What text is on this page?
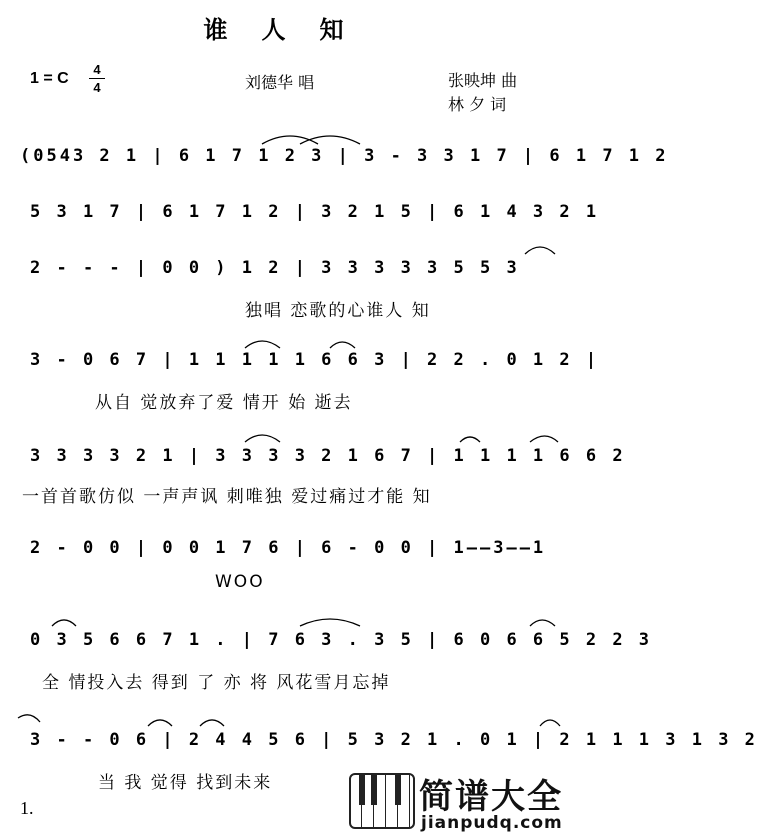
谁人知
1 = C
4
4	刘德华 唱	张映坤 曲
林 夕 词
(0543 2 1 | 6 1 7 1 2 3 | 3 - 3 3 1 7 | 6 1 7 1 2
5 3 1 7 | 6 1 7 1 2 | 3 2 1 5 | 6 1 4 3 2 1
2 - - - | 0 0 ) 1 2 | 3 3 3 3 3 5 5 3
独唱 恋歌的心谁人 知
3 - 0 6 7 | 1 1 1 1 1 6 6 3 | 2 2 . 0 1 2 |
从自 觉放弃了爱 情开 始 逝去
3 3 3 3 2 1 | 3 3 3 3 2 1 6 7 | 1 1 1 1 6 6 2
一首首歌仿似 一声声讽 刺唯独 爱过痛过才能 知
2 - 0 0 | 0 0 1 7 6 | 6 - 0 0 | 1——3——1
WOO
0 3 5 6 6 7 1 . | 7 6 3 . 3 5 | 6 0 6 6 5 2 2 3
全 情投入去 得到 了 亦 将 风花雪月忘掉
3 - - 0 6 | 2 4 4 5 6 | 5 3 2 1 . 0 1 | 2 1 1 1 3 1 3 2
当 我 觉得 找到未来
1.	简谱大全
jianpudq.com
